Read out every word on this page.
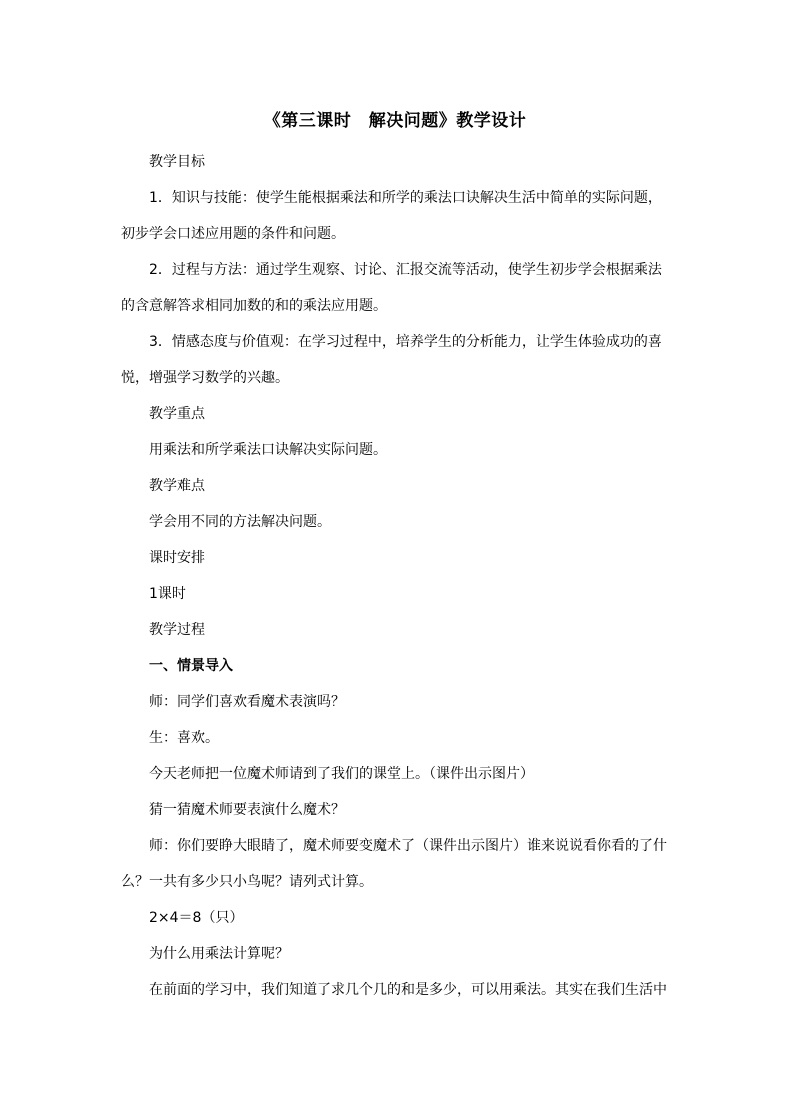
《第三课时　解决问题》教学设计
教学目标
1．知识与技能：使学生能根据乘法和所学的乘法口诀解决生活中简单的实际问题，
初步学会口述应用题的条件和问题。
2．过程与方法：通过学生观察、讨论、汇报交流等活动，使学生初步学会根据乘法
的含意解答求相同加数的和的乘法应用题。
3．情感态度与价值观：在学习过程中，培养学生的分析能力，让学生体验成功的喜
悦，增强学习数学的兴趣。
教学重点
用乘法和所学乘法口诀解决实际问题。
教学难点
学会用不同的方法解决问题。
课时安排
1课时
教学过程
一、情景导入
师：同学们喜欢看魔术表演吗？
生：喜欢。
今天老师把一位魔术师请到了我们的课堂上。（课件出示图片）
猜一猜魔术师要表演什么魔术？
师：你们要睁大眼睛了，魔术师要变魔术了（课件出示图片）谁来说说看你看的了什
么？一共有多少只小鸟呢？请列式计算。
2×4＝8（只）
为什么用乘法计算呢？
在前面的学习中，我们知道了求几个几的和是多少，可以用乘法。其实在我们生活中
